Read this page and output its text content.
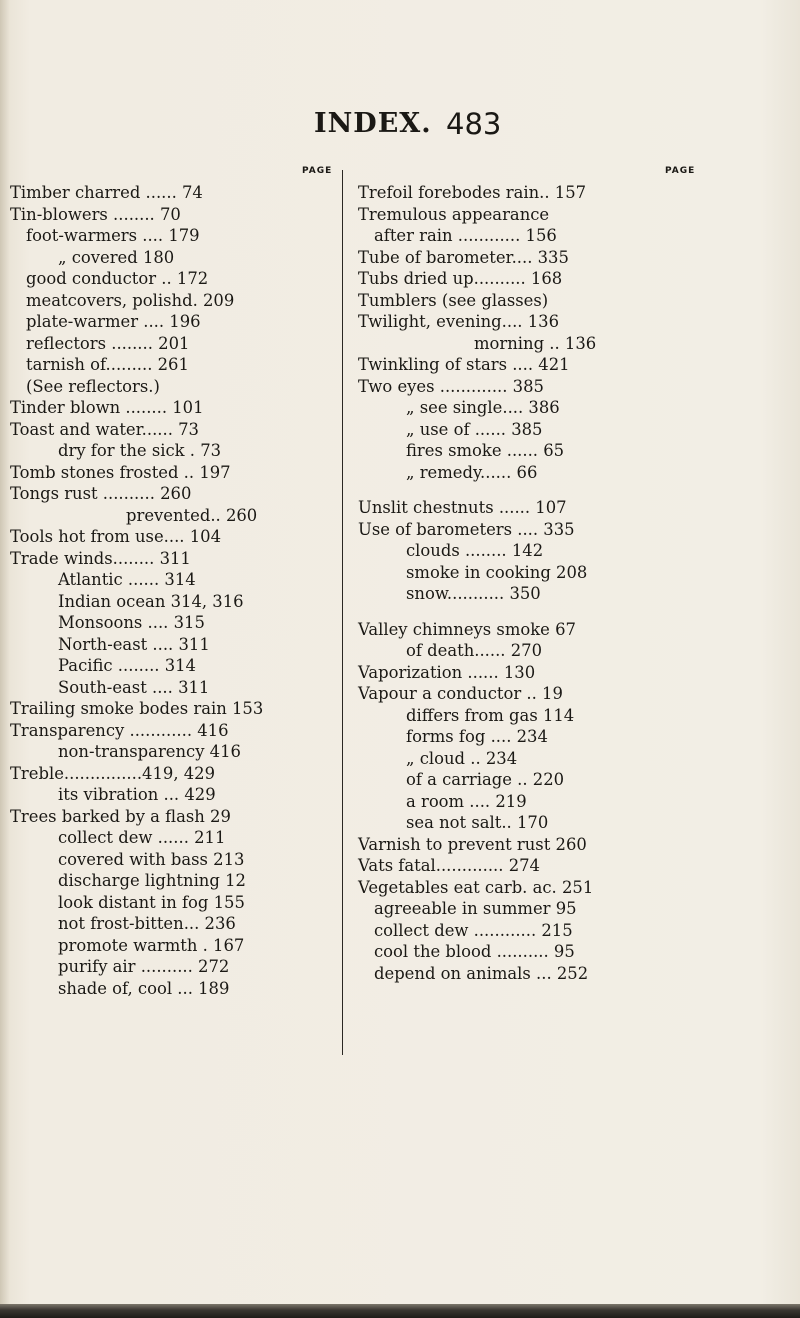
INDEX. 483
PAGE	PAGE
Timber charred ...... 74
Tin-blowers ........ 70
foot-warmers .... 179
„ covered 180
good conductor .. 172
meatcovers, polishd. 209
plate-warmer .... 196
reflectors ........ 201
tarnish of......... 261
(See reflectors.)
Tinder blown ........ 101
Toast and water...... 73
dry for the sick . 73
Tomb stones frosted .. 197
Tongs rust .......... 260
prevented.. 260
Tools hot from use.... 104
Trade winds........ 311
Atlantic ...... 314
Indian ocean 314, 316
Monsoons .... 315
North-east .... 311
Pacific ........ 314
South-east .... 311
Trailing smoke bodes rain 153
Transparency ............ 416
non-transparency 416
Treble...............419, 429
its vibration ... 429
Trees barked by a flash 29
collect dew ...... 211
covered with bass 213
discharge lightning 12
look distant in fog 155
not frost-bitten... 236
promote warmth . 167
purify air .......... 272
shade of, cool ... 189
Trefoil forebodes rain.. 157
Tremulous appearance
after rain ............ 156
Tube of barometer.... 335
Tubs dried up.......... 168
Tumblers (see glasses)
Twilight, evening.... 136
morning .. 136
Twinkling of stars .... 421
Two eyes ............. 385
„ see single.... 386
„ use of ...... 385
fires smoke ...... 65
„ remedy...... 66
Unslit chestnuts ...... 107
Use of barometers .... 335
clouds ........ 142
smoke in cooking 208
snow........... 350
Valley chimneys smoke 67
of death...... 270
Vaporization ...... 130
Vapour a conductor .. 19
differs from gas 114
forms fog .... 234
„ cloud .. 234
of a carriage .. 220
a room .... 219
sea not salt.. 170
Varnish to prevent rust 260
Vats fatal............. 274
Vegetables eat carb. ac. 251
agreeable in summer 95
collect dew ............ 215
cool the blood .......... 95
depend on animals ... 252
